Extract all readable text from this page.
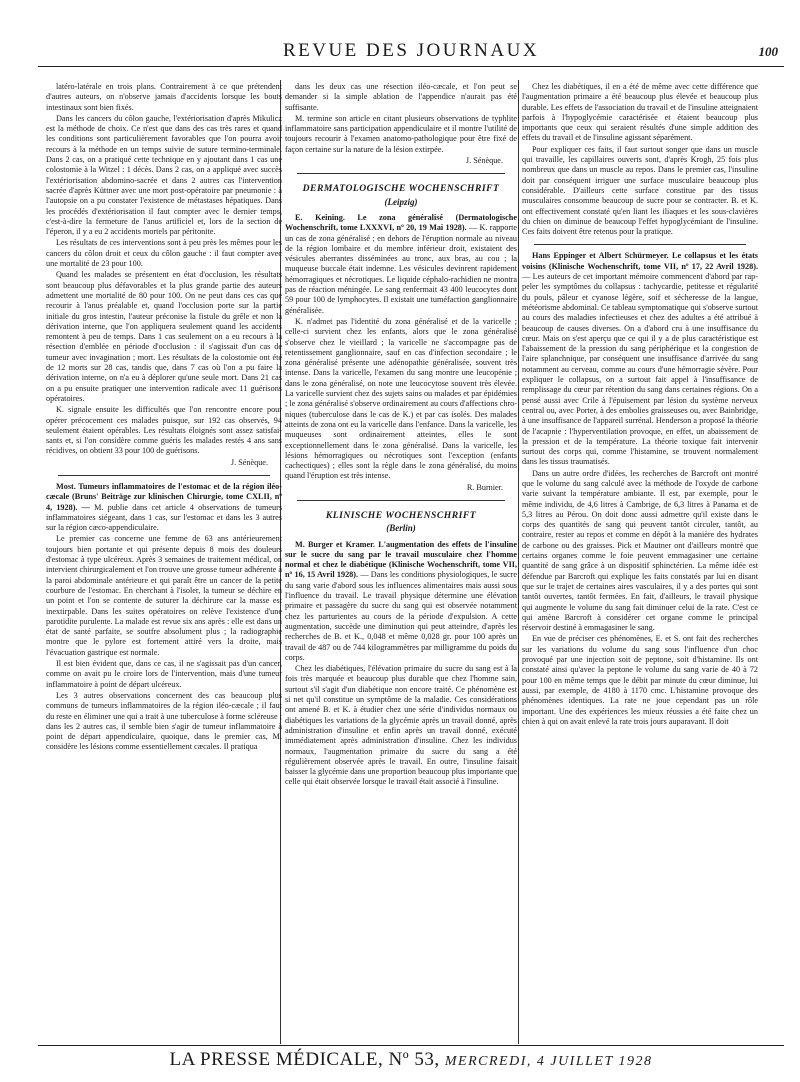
REVUE DES JOURNAUX	100

latéro-latérale en trois plans. Contrairement à ce que prétendent d'autres auteurs, on n'observe jamais d'accidents lorsque les bouts intestinaux sont bien fixés.

Dans les cancers du côlon gauche, l'extériorisation d'après Mikulicz est la méthode de choix. Ce n'est que dans des cas très rares et quand les conditions sont particulièrement favorables que l'on pourra avoir recours à la méthode en un temps suivie de suture termino-terminale. Dans 2 cas, on a pratiqué cette technique en y ajoutant dans 1 cas une colostomie à la Witzel : 1 décès. Dans 2 cas, on a appliqué avec succès l'extériorisation abdomino-sacrée et dans 2 autres cas l'intervention sacrée d'après Küttner avec une mort post-opératoire par pneumonie : à l'autopsie on a pu constater l'existence de métastases hépatiques. Dans les procédés d'extériorisation il faut compter avec le dernier temps, c'est-à-dire la fermeture de l'anus artificiel et, lors de la section de l'éperon, il y a eu 2 accidents mortels par péritonite.

Les résultats de ces interventions sont à peu près les mêmes pour les cancers du côlon droit et ceux du côlon gauche : il faut compter avec une mortalité de 23 pour 100.

Quand les malades se présentent en état d'occlusion, les résultats sont beaucoup plus défavorables et la plus grande partie des auteurs admettent une mortalité de 80 pour 100. On ne peut dans ces cas que recourir à l'anus préalable et, quand l'occlusion porte sur la partie initiale du gros intestin, l'auteur préconise la fistule du grêle et non la dérivation interne, que l'on appliquera seulement quand les accidents remontent à peu de temps. Dans 1 cas seulement on a eu recours à la résection d'emblée en période d'occlusion : il s'agissait d'un cas de tumeur avec invagination ; mort. Les résultats de la colostomie ont été de 12 morts sur 28 cas, tandis que, dans 7 cas où l'on a pu faire la dérivation interne, on n'a eu à déplorer qu'une seule mort. Dans 21 cas on a pu ensuite pratiquer une intervention radicale avec 11 guérisons opératoires.

K. signale ensuite les difficultés que l'on rencontre encore pour opérer précocement ces malades puisque, sur 192 cas observés, 94 seulement étaient opérables. Les résultats éloignés sont assez satisfaisants et, si l'on considère comme guéris les malades restés 4 ans sans récidives, on obtient 33 pour 100 de guérisons.

J. Sénèque.

Most. Tumeurs inflammatoires de l'estomac et de la région iléo-cæcale (Bruns' Beiträge zur klinischen Chirurgie, tome CXLII, nº 4, 1928). — M. publie dans cet article 4 observations de tumeurs inflammatoires siégeant, dans 1 cas, sur l'estomac et dans les 3 autres sur la région cæco-appendiculaire.

Le premier cas concerne une femme de 63 ans antérieurement toujours bien portante et qui présente depuis 8 mois des douleurs d'estomac à type ulcéreux. Après 3 semaines de traitement médical, on intervient chirurgicalement et l'on trouve une grosse tumeur adhérente à la paroi abdominale antérieure et qui paraît être un cancer de la petite courbure de l'estomac. En cherchant à l'isoler, la tumeur se déchire en un point et l'on se contente de suturer la déchirure car la masse est inextirpable. Dans les suites opératoires on relève l'existence d'une parotidite purulente. La malade est revue six ans après : elle est dans un état de santé parfaite, se soutfre absolument plus ; la radiographie montre que le pylore est fortement attiré vers la droite, mais l'évacuation gastrique est normale.

Il est bien évident que, dans ce cas, il ne s'agissait pas d'un cancer, comme on avait pu le croire lors de l'intervention, mais d'une tumeur inflammatoire à point de départ ulcéreux.

Les 3 autres observations concernent des cas beaucoup plus communs de tumeurs inflammatoires de la région iléo-cæcale ; il faut du reste en éliminer une qui a trait à une tuberculose à forme scléreuse ; dans les 2 autres cas, il semble bien s'agir de tumeur inflammatoire à point de départ appendiculaire, quoique, dans le premier cas, M. considère les lésions comme essentiellement cæcales. Il pratiqua

dans les deux cas une résection iléo-cæcale, et l'on peut se demander si la simple ablation de l'appendice n'aurait pas été suffisante.

M. termine son article en citant plusieurs observations de typhlite inflammatoire sans participation appendiculaire et il montre l'utilité de toujours recourir à l'examen anatomo-pathologique pour être fixé de façon certaine sur la nature de la lésion extirpée.

J. Sénèque.

DERMATOLOGISCHE WOCHENSCHRIFT

(Leipzig)

E. Keining. Le zona généralisé (Dermatologische Wochenschrift, tome LXXXVI, nº 20, 19 Mai 1928). — K. rapporte un cas de zona généralisé ; en dehors de l'éruption normale au niveau de la région lombaire et du membre inférieur droit, existaient des vésicules aberrantes disséminées au tronc, aux bras, au cou ; la muqueuse buccale était indemne. Les vésicules devinrent rapidement hémorragiques et nécrotiques. Le liquide céphalo-rachidien ne montra pas de réaction méningée. Le sang renfermait 43 400 leucocytes dont 59 pour 100 de lymphocytes. Il existait une tuméfaction ganglionnaire généralisée.

K. n'admet pas l'identité du zona généralisé et de la varicelle ; celle-ci survient chez les enfants, alors que le zona généralisé s'observe chez le vieillard ; la varicelle ne s'accompagne pas de retentissement ganglionnaire, sauf en cas d'infection secondaire ; le zona généralisé présente une adénopathie généralisée, souvent très intense. Dans la varicelle, l'examen du sang montre une leucopénie ; dans le zona généralisé, on note une leucocytose souvent très élevée. La varicelle survient chez des sujets sains ou malades et par épidémies ; le zona généralisé s'observe ordinairement au cours d'affections chroniques (tuberculose dans le cas de K.) et par cas isolés. Des malades atteints de zona ont eu la varicelle dans l'enfance. Dans la varicelle, les muqueuses sont ordinairement atteintes, elles le sont exceptionnellement dans le zona généralisé. Dans la varicelle, les lésions hémorragiques ou nécrotiques sont l'exception (enfants cachectiques) ; elles sont la règle dans le zona généralisé, du moins quand l'éruption est très intense.

R. Burnier.

KLINISCHE WOCHENSCHRIFT

(Berlin)

M. Burger et Kramer. L'augmentation des effets de l'insuline sur le sucre du sang par le travail musculaire chez l'homme normal et chez le diabétique (Klinische Wochenschrift, tome VII, nº 16, 15 Avril 1928). — Dans les conditions physiologiques, le sucre du sang varie d'abord sous les influences alimentaires mais aussi sous l'influence du travail. Le travail physique détermine une élévation primaire et passagère du sucre du sang qui est observée notamment chez les parturientes au cours de la période d'expulsion. A cette augmentation, succède une diminution qui peut atteindre, d'après les recherches de B. et K., 0,048 et même 0,028 gr. pour 100 après un travail de 487 ou de 744 kilogrammètres par milligramme du poids du corps.

Chez les diabétiques, l'élévation primaire du sucre du sang est à la fois très marquée et beaucoup plus durable que chez l'homme sain, surtout s'il s'agit d'un diabétique non encore traité. Ce phénomène est si net qu'il constitue un symptôme de la maladie. Ces considérations ont amené B. et K. à étudier chez une série d'individus normaux ou diabétiques les variations de la glycémie après un travail donné, après administration d'insuline et enfin après un travail donné, exécuté immédiatement après administration d'insuline. Chez les individus normaux, l'augmentation primaire du sucre du sang a été régulièrement observée après le travail. En outre, l'insuline faisait baisser la glycémie dans une proportion beaucoup plus importante que celle qui était observée lorsque le travail était associé à l'insuline.

Chez les diabétiques, il en a été de même avec cette différence que l'augmentation primaire a été beaucoup plus élevée et beaucoup plus durable. Les effets de l'association du travail et de l'insuline atteignaient parfois à l'hypoglycémie caractérisée et étaient beaucoup plus importants que ceux qui seraient résultés d'une simple addition des effets du travail et de l'insuline agissant séparément.

Pour expliquer ces faits, il faut surtout songer que dans un muscle qui travaille, les capillaires ouverts sont, d'après Krogh, 25 fois plus nombreux que dans un muscle au repos. Dans le premier cas, l'insuline doit par conséquent irriguer une surface musculaire beaucoup plus considérable. D'ailleurs cette surface constitue par des tissus musculaires consomme beaucoup de sucre pour se contracter. B. et K. ont effectivement constaté qu'en liant les iliaques et les sous-clavières du chien on diminue de beaucoup l'effet hypoglycémiant de l'insuline. Ces faits doivent être retenus pour la pratique.

Hans Eppinger et Albert Schürmeyer. Le collapsus et les états voisins (Klinische Wochenschrift, tome VII, nº 17, 22 Avril 1928). — Les auteurs de cet important mémoire commencent d'abord par rappeler les symptômes du collapsus : tachycardie, petitesse et régularité du pouls, pâleur et cyanose légère, soif et sécheresse de la langue, météorisme abdominal. Ce tableau symptomatique qui s'observe surtout au cours des maladies infectieuses et chez des adultes a été attribué à beaucoup de causes diverses. On a d'abord cru à une insuffisance du cœur. Mais on s'est aperçu que ce qui il y a de plus caractéristique est l'abaissement de la pression du sang périphérique et la congestion de l'aire splanchnique, par conséquent une insuffisance d'arrivée du sang notamment au cerveau, comme au cours d'une hémorragie sévère. Pour expliquer le collapsus, on a surtout fait appel à l'insuffisance de remplissage du cœur par rétention du sang dans certaines régions. On a pensé aussi avec Crile à l'épuisement par lésion du système nerveux central ou, avec Porter, à des embolies graisseuses ou, avec Bainbridge, à une insuffisance de l'appareil surrénal. Henderson a proposé la théorie de l'acapnie : l'hyperventilation provoque, en effet, un abaissement de la pression et de la température. La théorie toxique fait intervenir surtout des corps qui, comme l'histamine, se trouvent normalement dans les tissus traumatisés.

Dans un autre ordre d'idées, les recherches de Barcroft ont montré que le volume du sang calculé avec la méthode de l'oxyde de carbone varie suivant la température ambiante. Il est, par exemple, pour le même individu, de 4,6 litres à Cambrige, de 6,3 litres à Panama et de 5,3 litres au Pérou. On doit donc aussi admettre qu'il existe dans le corps des quantités de sang qui peuvent tantôt circuler, tantôt, au contraire, rester au repos et comme en dépôt à la manière des hydrates de carbone ou des graisses. Pick et Mautner ont d'ailleurs montré que certains organes comme le foie peuvent emmagasiner une certaine quantité de sang grâce à un dispositif sphinctérien. La même idée est défendue par Barcroft qui explique les faits constatés par lui en disant que sur le trajet de certaines aires vasculaires, il y a des portes qui sont tantôt ouvertes, tantôt fermées. En fait, d'ailleurs, le travail physique qui augmente le volume du sang fait diminuer celui de la rate. C'est ce qui amène Barcroft à considérer cet organe comme le principal réservoir destiné à emmagasiner le sang.

En vue de préciser ces phénomènes, E. et S. ont fait des recherches sur les variations du volume du sang sous l'influence d'un choc provoqué par une injection soit de peptone, soit d'histamine. Ils ont constaté ainsi qu'avec la peptone le volume du sang varie de 40 à 72 pour 100 en même temps que le débit par minute du cœur diminue, lui aussi, par exemple, de 4180 à 1170 cmc. L'histamine provoque des phénomènes identiques. La rate ne joue cependant pas un rôle important. Une des expériences les mieux réussies a été faite chez un chien à qui on avait enlevé la rate trois jours auparavant. Il doit

LA PRESSE MÉDICALE, Nº 53, MERCREDI, 4 JUILLET 1928
